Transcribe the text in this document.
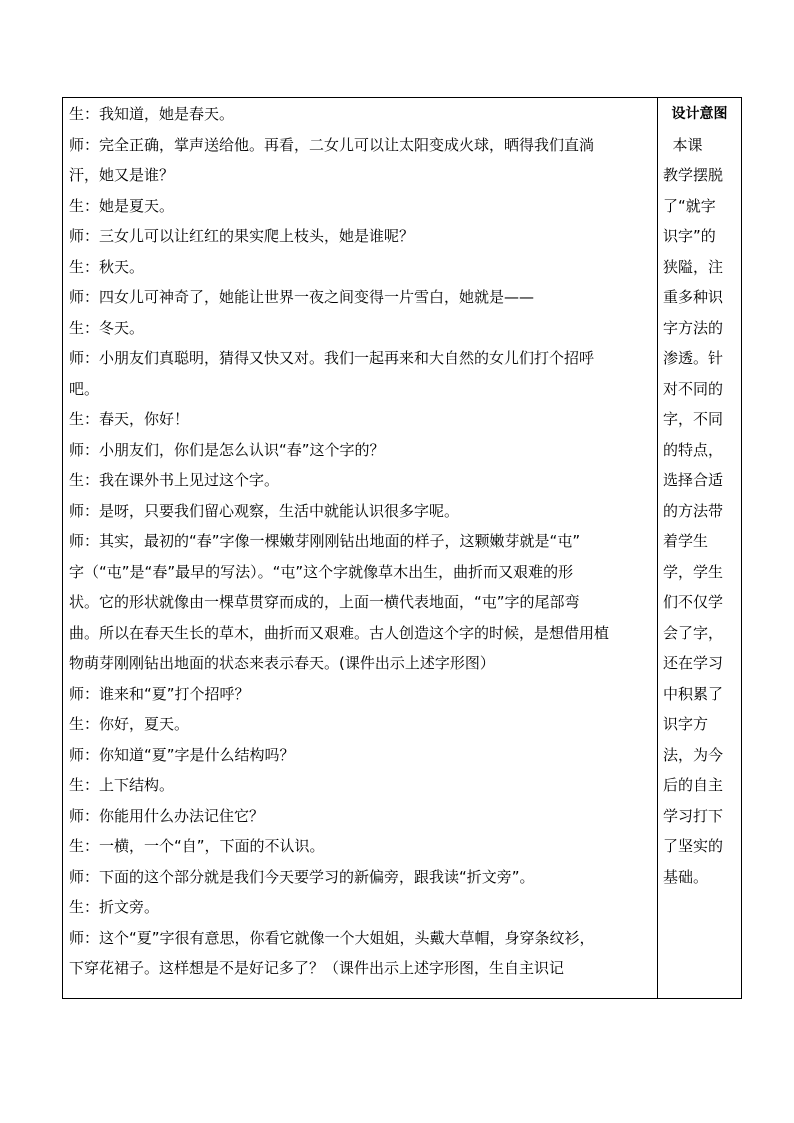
生：我知道，她是春天。
师：完全正确，掌声送给他。再看，二女儿可以让太阳变成火球，晒得我们直淌
汗，她又是谁？
生：她是夏天。
师：三女儿可以让红红的果实爬上枝头，她是谁呢？
生：秋天。
师：四女儿可神奇了，她能让世界一夜之间变得一片雪白，她就是——
生：冬天。
师：小朋友们真聪明，猜得又快又对。我们一起再来和大自然的女儿们打个招呼
吧。
生：春天，你好！
师：小朋友们，你们是怎么认识“春”这个字的？
生：我在课外书上见过这个字。
师：是呀，只要我们留心观察，生活中就能认识很多字呢。
师：其实，最初的“春”字像一棵嫩芽刚刚钻出地面的样子，这颗嫩芽就是“屯”
字（“屯”是“春”最早的写法）。“屯”这个字就像草木出生，曲折而又艰难的形
状。它的形状就像由一棵草贯穿而成的，上面一横代表地面，“屯”字的尾部弯
曲。所以在春天生长的草木，曲折而又艰难。古人创造这个字的时候，是想借用植
物萌芽刚刚钻出地面的状态来表示春天。(课件出示上述字形图）
师：谁来和“夏”打个招呼？
生：你好，夏天。
师：你知道“夏”字是什么结构吗？
生：上下结构。
师：你能用什么办法记住它？
生：一横，一个“自”，下面的不认识。
师：下面的这个部分就是我们今天要学习的新偏旁，跟我读“折文旁”。
生：折文旁。
师：这个“夏”字很有意思，你看它就像一个大姐姐，头戴大草帽，身穿条纹衫，
下穿花裙子。这样想是不是好记多了？（课件出示上述字形图，生自主识记
设计意图
本课
教学摆脱
了“就字
识字”的
狭隘，注
重多种识
字方法的
渗透。针
对不同的
字，不同
的特点，
选择合适
的方法带
着学生
学，学生
们不仅学
会了字，
还在学习
中积累了
识字方
法，为今
后的自主
学习打下
了坚实的
基础。
